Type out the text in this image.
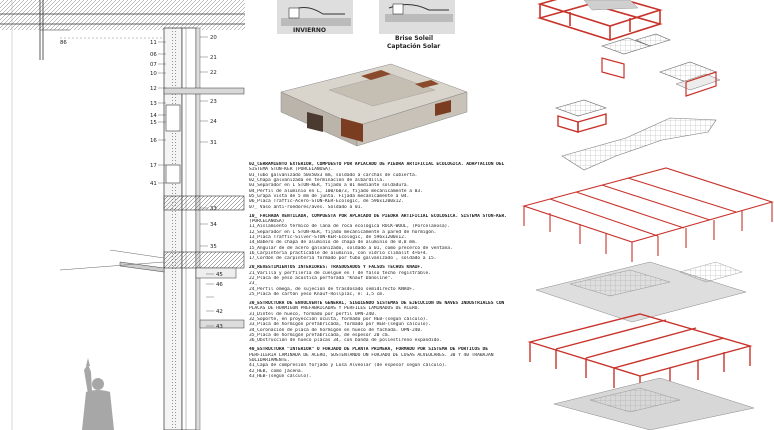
86	11
06
07
10
12
13
14
15
16
17
41
45
46
42
43
20
21
22
23
24
31
33
34
35
INVIERNO
Brise Soleil
Captación Solar
02_CERRAMIENTO EXTERIOR, COMPUESTO POR APLACADO DE PIEDRA ARTIFICIAL ECOLÓGICA. ADAPTACIÓN DEL
SISTEMA STON-KER (PORCELANOSA).
01_Tubo galvanizado 50x50x3 mm, soldado a carchas de cubierta.
02_Chapa galvanizada en terminación de albardilla.
03_Separador en L STON-KER, fijado a 01 mediante soldadura.
04_Perfil de aluminio en L, 100/60/3, fijado mecánicamente a 03.
05_Grapa vista de 5 mm de junta. Fijada mecánicamente a 04.
06_Placa Traffic-Acero-STON-KER-Ecologic, de 596x1200x12.
07_ Vaso anti-roedores/aves. Soldado a 01.
10_ FACHADA VENTILADA, COMPUESTA POR APLACADO DE PIEDRA ARTIFICIAL ECOLÓGICA. SISTEMA STON-KER.
(PORCELANOSA)
11_Aislamiento térmico de lana de roca ecológica ROCK-WOOL, (Porcelanosa).
12_Separador en L STON-KER, fijado mecánicamente a pared de hormigón.
13_Placa Traffic-Silver-STON-KER-Ecologic, de 596x1200x12.
14_Babero de chapa de aluminio de chapa de aluminio de 0,8 mm.
15_Angular de de acero galvanizado, soldado a 01, como precerco de ventana.
16_Carpintería practicable de aluminio, con vidrio climalit 4+6+4.
17_Cordón de carpintería formado por tubo galvanizado , soldado a 15.
20_REVESTIMIENTOS INTERIORES: TRASDOSADOS Y FALSOS TECHOS KNAUF.
21_Varilla y perfilería de cuelgue en T de falso techo registrable.
22_Placa de yeso acústica perforada "Knauf Danoline".
23_
24_Perfil omega, de sujeción de trasdosado semidirecto KNAUF.
25_Placa de cartón yeso Knauf-Rollplac, e: 1,5 cm.
30_ESTRUCTURA DE ENVOLVENTE GENERAL, SIGUIENDO SISTEMAS DE EJECUCIÓN DE NAVES INDUSTRIALES CON
PLACAS DE HORMIGÓN PREFABRICADAS Y PERFILES LAMINADOS DE ACERO.
31_Dintel de hueco, formado por perfil UPN-240.
32_Soporte, en proyección oculta, formado por HEB-(según cálculo).
33_Placa de hormigón prefabricada, formado por HEB-(según cálculo).
34_Coronación de placa de hormigón en hueco de fachada. UPN-240.
35_Placa de hormigón prefabricada, de espesor 20 cm.
36_Obstrucción de hueco placas 34, con banda de poliestireno expandido.
40_ESTRUCTURA "INTERIOR" O FORJADO DE PLANTA PRIMERA, FORMADO POR SISTEMA DE PÓRTICOS DE
PERFILERÍA LAMINADA DE ACERO, SUSTENTANDO UN FORJADO DE LOSAS ALVEOLARES. 30 Y 40 TRABAJAN
SOLIDARIAMENTE.
41_Capa de compresión forjado y Losa Alveolar (de espesor según cálculo).
42_HEB, como jácena.
43_HEB-(según cálculo).
